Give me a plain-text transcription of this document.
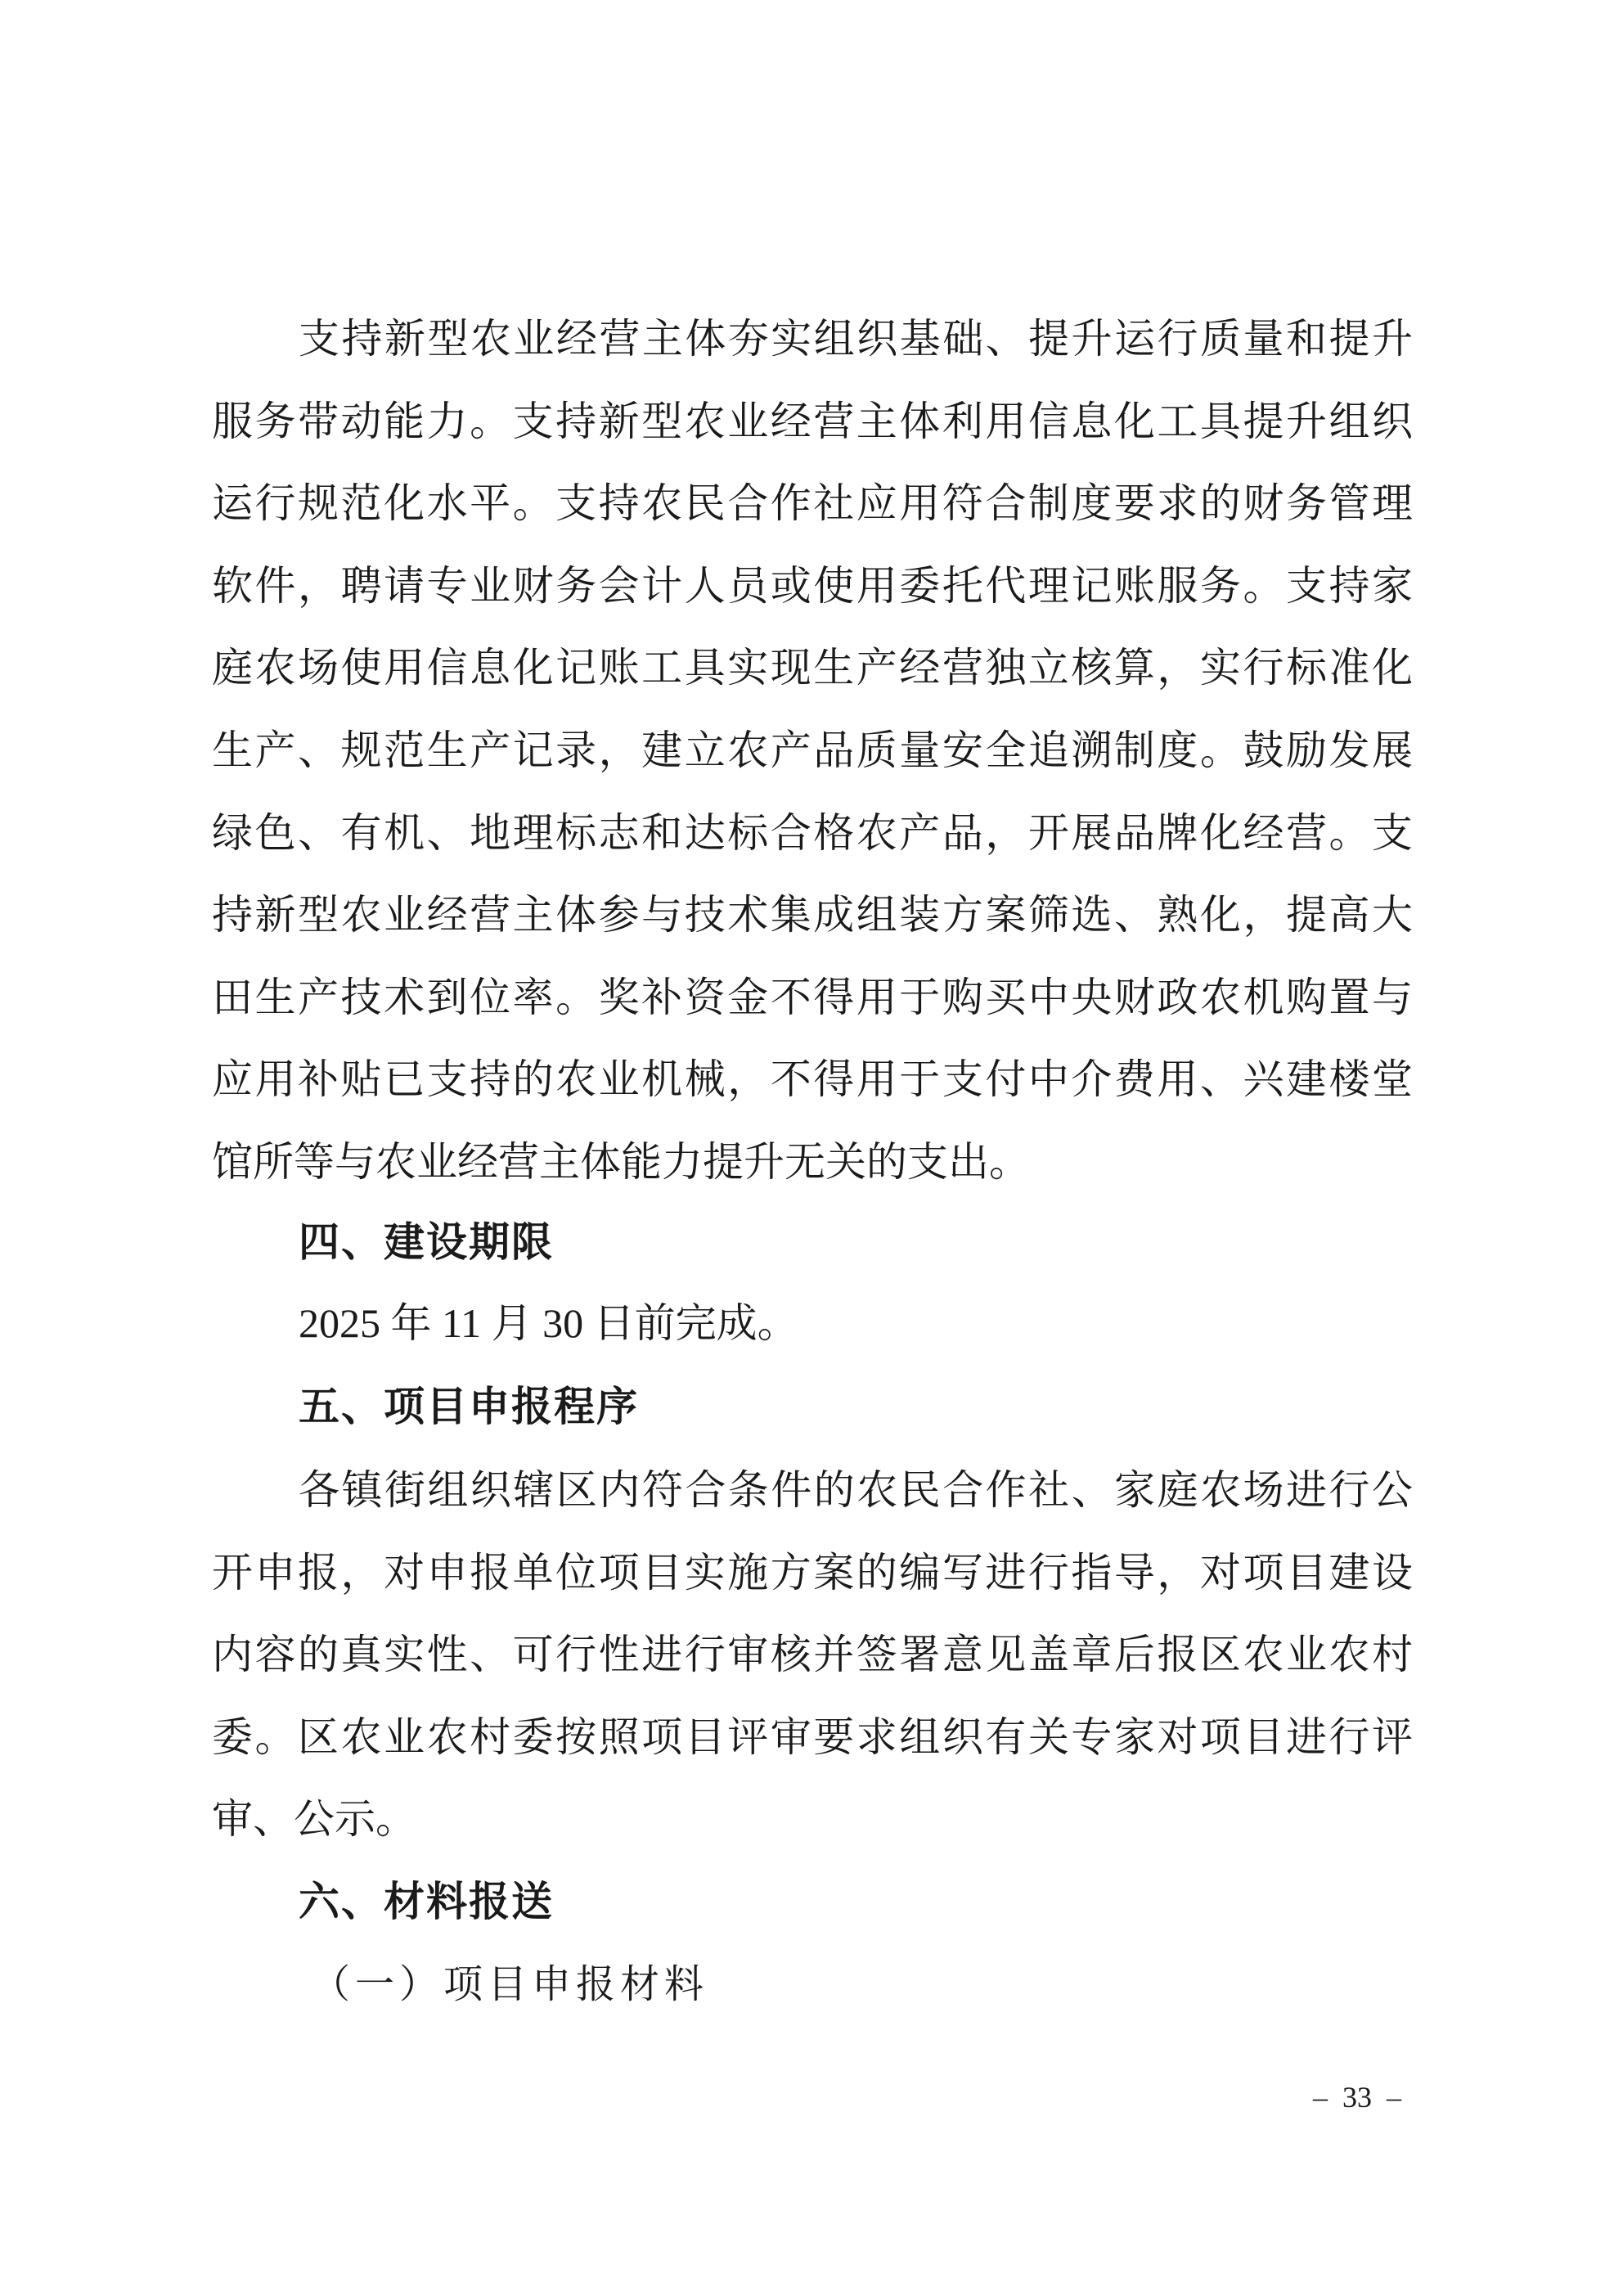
支持新型农业经营主体夯实组织基础、提升运行质量和提升
服务带动能力。支持新型农业经营主体利用信息化工具提升组织
运行规范化水平。支持农民合作社应用符合制度要求的财务管理
软件，聘请专业财务会计人员或使用委托代理记账服务。支持家
庭农场使用信息化记账工具实现生产经营独立核算，实行标准化
生产、规范生产记录，建立农产品质量安全追溯制度。鼓励发展
绿色、有机、地理标志和达标合格农产品，开展品牌化经营。支
持新型农业经营主体参与技术集成组装方案筛选、熟化，提高大
田生产技术到位率。奖补资金不得用于购买中央财政农机购置与
应用补贴已支持的农业机械，不得用于支付中介费用、兴建楼堂
馆所等与农业经营主体能力提升无关的支出。
四、建设期限
2025 年 11 月 30 日前完成。
五、项目申报程序
各镇街组织辖区内符合条件的农民合作社、家庭农场进行公
开申报，对申报单位项目实施方案的编写进行指导，对项目建设
内容的真实性、可行性进行审核并签署意见盖章后报区农业农村
委。区农业农村委按照项目评审要求组织有关专家对项目进行评
审、公示。
六、材料报送
（一）项目申报材料
–  33  –
